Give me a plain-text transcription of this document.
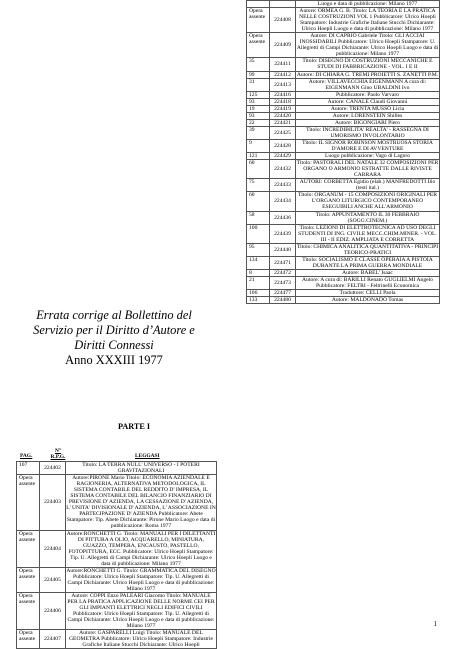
Errata corrige al Bollettino del
Servizio per il Diritto d’Autore e
Diritti Connessi
Anno XXXIII 1977
PARTE I
PAG.
N°
R.P.G.	LEGGASI
107	224402	Titolo: LA TERRA NULL' UNIVERSO - I POTERI GRAVITAZIONALI
Opera assente	224403	Autore:PIRONE Mario Titolo: ECONOMIA AZIENDALE E RAGIONERIA, ALTERNATIVA METODOLOGICA, IL SISTEMA CONTABILE DEL REDDITO D' IMPRESA, IL SISTEMA CONTABILE DEL BILANCIO FINANZIARIO DI PREVISIONE D' AZIENDA, LA CESSAZIONE D' AZIENDA, L' UNITA' DIVISIONALE D' AZIENDA, L' ASSOCIAZIONE IN PARTECIPAZIONE D' AZIENDA Pubblicatore: Abete Stampatore: Tip. Abete Dichiarante: Pirone Mario Luogo e data di pubblicazione: Roma 1977
Opera assente	224404	Autore:RONCHETTI G. Titolo: MANUALI PER I DILETTANTI DI PITTURA A OLIO, ACQUARELLO, MINIATURA, GUAZZO, TEMPERA, ENCAUSTO, PASTELLO, FOTOPITTURA, ECC. Pubblicatore: Ulrico Hoepli Stampatore: Tip. U. Allegretti di Campi Dichiarante: Ulrico Hoepli Luogo e data di pubblicazione: Milano 1977
Opera assente	224405	Autore:RONCHETTI G. Titolo: GRAMMATICA DEL DISEGNO Pubblicatore: Ulrico Hoepli Stampatore: Tip. U. Allegretti di Campi Dichiarante: Ulrico Hoepli Luogo e data di pubblicazione: Milano 1977
Opera assente	224406	Autore: COPPI Enzo PALEARI Giacomo Titolo: MANUALE PER LA PRATICA APPLICAZIONE DELLE NORME CEI PER GLI IMPIANTI ELETTRICI NEGLI EDIFICI CIVILI Pubblicatore: Ulrico Hoepli Stampatore: Tip. U. Allegretti di Campi Dichiarante: Ulrico Hoepli Luogo e data di pubblicazione: Milano 1977
Opera assente	224407	Autore: GASPARELLI Luigi Titolo: MANUALE DEL GEOMETRA Pubblicatore: Ulrico Hoepli Stampatore: Industrie Grafiche Italiane Stucchi Dichiarante: Ulrico Hoepli
		Luogo e data di pubblicazione: Milano 1977
Opera assente	224408	Autore: ORMEA G. B. Titolo: LA TEORIA E LA PRATICA NELLE COSTRUZIONI VOL 1 Pubblicatore: Ulrico Hoepli Stampatore: Industrie Grafiche Italiane Stucchi Dichiarante: Ulrico Hoepli Luogo e data di pubblicazione: Milano 1977
Opera assente	224409	Autore: DI CAPRIO Gabriele Titolo: GLI ACCIAI INOSSIDABILI Pubblicatore: Ulrico Hoepli Stampatore: U. Allegretti di Campi Dichiarante: Ulrico Hoepli Luogo e data di pubblicazione: Milano 1977
35	224411	Titolo: DISEGNO DI COSTRUZIONI MECCANICHE E STUDI DI FABBRICAZIONE - VOL. I E II
99	224412	Autore: DI CHIARA G. TREMI PROIETTI S. ZANETTI P.M.
31	224413	Autore: VILLAVECCHIA EIGENMANN A cura di: EIGENMANN Gino UBALDINI Ivo
125	224416	Pubblicatore: Paolo Varvaro
93	224418	Autore: CANALE Claudi Giovanni
19	224419	Autore: TRENTA MUSSO Licia
93	224420	Autore: LORENSTEIN Shilles
22	224421	Autore: BIGONGIARI Piero
39	224425	Titolo: INCREDIBILITA' REALTA' - RASSEGNA DI UMORISMO INVOLONTARIO
9	224428	Titolo: IL SIGNOR ROBINSON MOSTRUOSA STORIA D'AMORE E DI AVVENTURE
121	224429	Luogo pubblicazione: Vago di Lagnro
60	224432	Titolo: PASTORALI DEL NATALE 32 COMPOSIZIONI PER ORGANO O ARMONIO ESTRATTE DALLE RIVISTE CARRARA
75	224433	AUTORI: CORBETTA Egidio (elab.) MANFREDOTTI Ilio (testi ital.)
60	224434	Titolo: ORGANUM - 15 COMPOSIZIONI ORIGINALI PER L'ORGANO LITURGICO CONTEMPORANEO ESEGUIBILI ANCHE ALL'ARMONIO
58	224436	Titolo: APPUNTAMENTO IL 30 FEBBRAIO (SOGG.CINEM.)
100	224439	Titolo: LEZIONI DI ELETTROTECNICA AD USO DEGLI STUDENTI DI ING. CIVILE MECC.CHIM.MINER. - VOL. III - II EDIZ. AMPLIATA E CORRETTA
95	224440	Titolo: CHIMICA ANALITICA QUANTITATIVA - PRINCIPI TEORICO-PRATICI
134	224471	Titolo: SOCIALISMO E CLASSE OPERAIA A PISTOIA DURANTE LA PRIMA GUERRA MONDIALE
8	224472	Autore: BABEL' Isaac
21	224473	Autore: A cura di: BARILLI Renato GUGLIELMI Angelo Pubblicatore: FELTRI - Feltrinelli Economica
106	224477	Traduttore: CELLI Paola
133	224480	Autore: MALDONADO Tomas
1
